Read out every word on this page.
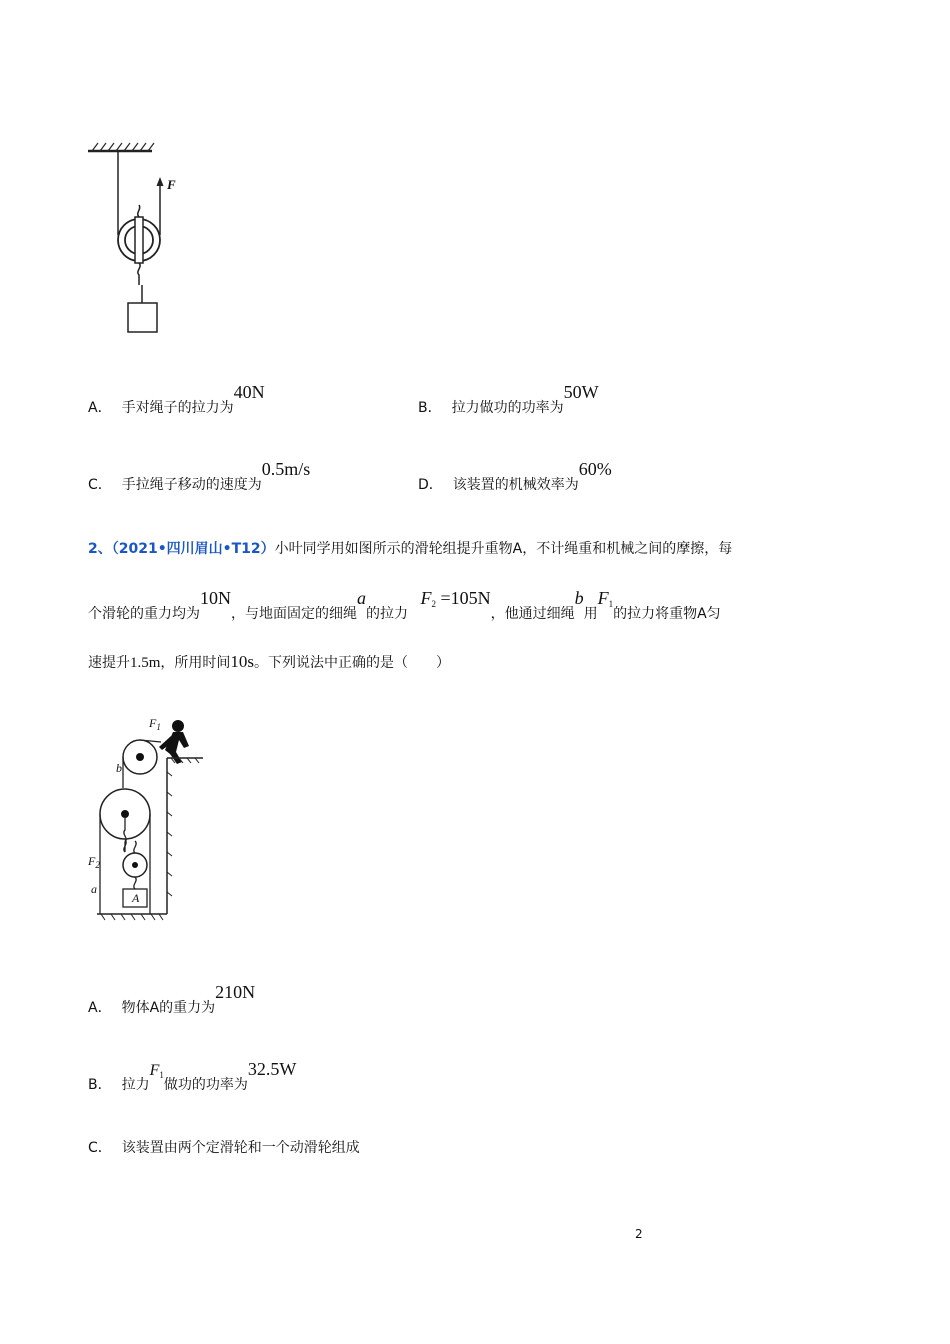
F
A． 手对绳子的拉力为40N
B． 拉力做功的功率为50W
C． 手拉绳子移动的速度为0.5m/s
D． 该装置的机械效率为60%
2、（2021•四川眉山•T12）小叶同学用如图所示的滑轮组提升重物A，不计绳重和机械之间的摩擦，每
个滑轮的重力均为10N，与地面固定的细绳a的拉力 $F_2 =105N$，他通过细绳b用$F_1$的拉力将重物A匀
速提升1.5m，所用时间10s。下列说法中正确的是（　　）
$F_1$
b
$F_2$
a
A
A． 物体A的重力为210N
B． 拉力$F_1$做功的功率为32.5W
C． 该装置由两个定滑轮和一个动滑轮组成
2
